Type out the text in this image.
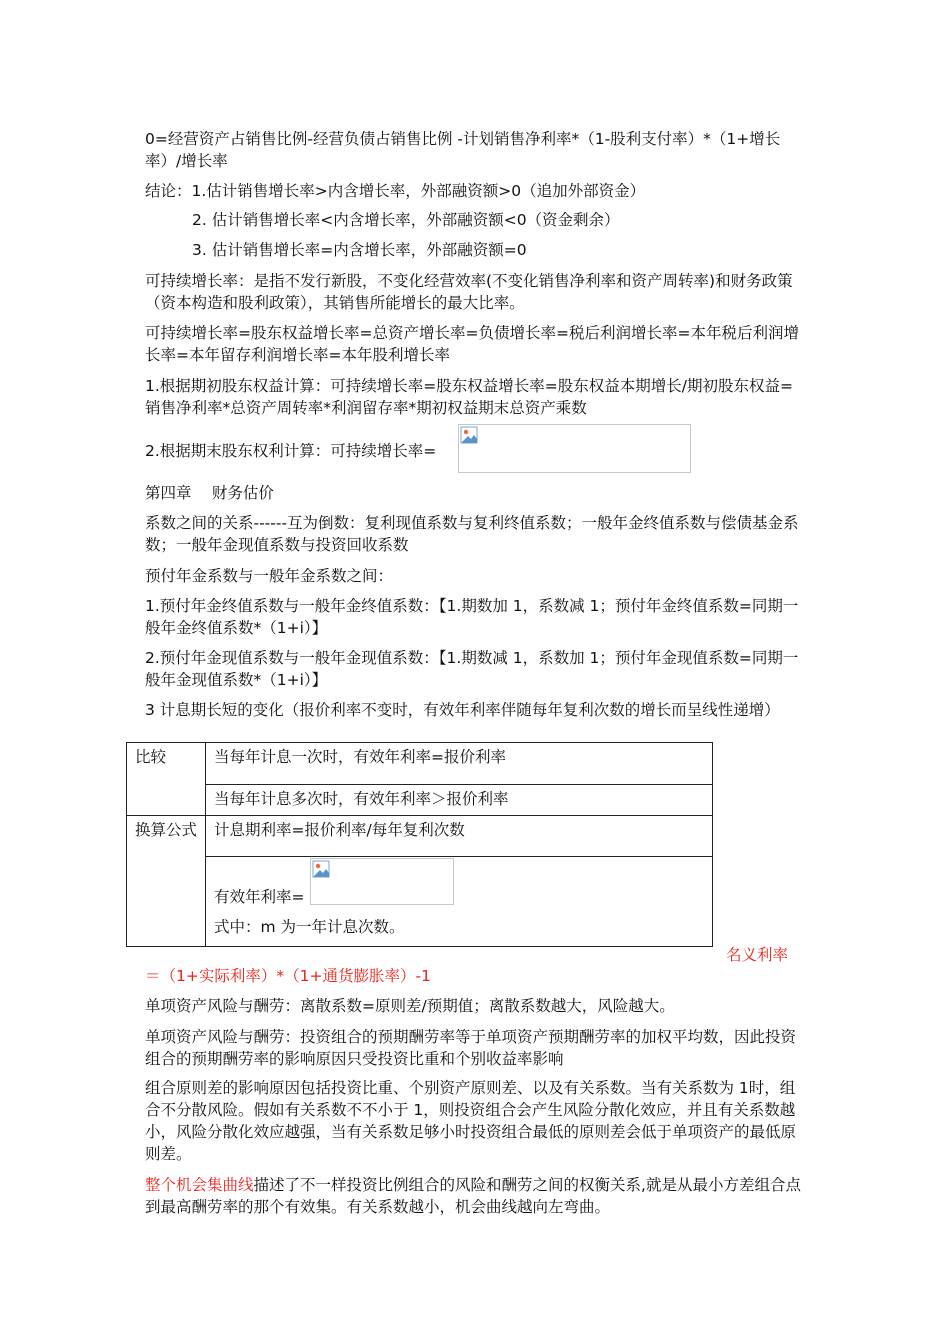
0=经营资产占销售比例-经营负债占销售比例 -计划销售净利率*（1-股利支付率）*（1+增长率）/增长率

结论：1.估计销售增长率>内含增长率，外部融资额>0（追加外部资金）

2. 估计销售增长率<内含增长率，外部融资额<0（资金剩余）

3. 估计销售增长率=内含增长率，外部融资额=0

可持续增长率：是指不发行新股，不变化经营效率(不变化销售净利率和资产周转率)和财务政策（资本构造和股利政策），其销售所能增长的最大比率。

可持续增长率=股东权益增长率=总资产增长率=负债增长率=税后利润增长率=本年税后利润增长率=本年留存利润增长率=本年股利增长率

1.根据期初股东权益计算：可持续增长率=股东权益增长率=股东权益本期增长/期初股东权益=销售净利率*总资产周转率*利润留存率*期初权益期末总资产乘数

2.根据期末股东权利计算：可持续增长率=

第四章　 财务估价

系数之间的关系------互为倒数：复利现值系数与复利终值系数；一般年金终值系数与偿债基金系数；一般年金现值系数与投资回收系数

预付年金系数与一般年金系数之间：

1.预付年金终值系数与一般年金终值系数：【1.期数加 1，系数减 1；预付年金终值系数=同期一般年金终值系数*（1+i）】

2.预付年金现值系数与一般年金现值系数：【1.期数减 1，系数加 1；预付年金现值系数=同期一般年金现值系数*（1+i）】

3 计息期长短的变化（报价利率不变时，有效年利率伴随每年复利次数的增长而呈线性递增）

比较	当每年计息一次时，有效年利率=报价利率
	当每年计息多次时，有效年利率＞报价利率
换算公式	计息期利率=报价利率/每年复利次数

	有效年利率=
式中：m 为一年计息次数。

名义利率

＝（1+实际利率）*（1+通货膨胀率）-1

单项资产风险与酬劳：离散系数=原则差/预期值；离散系数越大，风险越大。

单项资产风险与酬劳：投资组合的预期酬劳率等于单项资产预期酬劳率的加权平均数，因此投资组合的预期酬劳率的影响原因只受投资比重和个别收益率影响

组合原则差的影响原因包括投资比重、个别资产原则差、以及有关系数。当有关系数为 1时，组合不分散风险。假如有关系数不不小于 1，则投资组合会产生风险分散化效应，并且有关系数越小，风险分散化效应越强，当有关系数足够小时投资组合最低的原则差会低于单项资产的最低原则差。

整个机会集曲线描述了不一样投资比例组合的风险和酬劳之间的权衡关系,就是从最小方差组合点到最高酬劳率的那个有效集。有关系数越小，机会曲线越向左弯曲。
